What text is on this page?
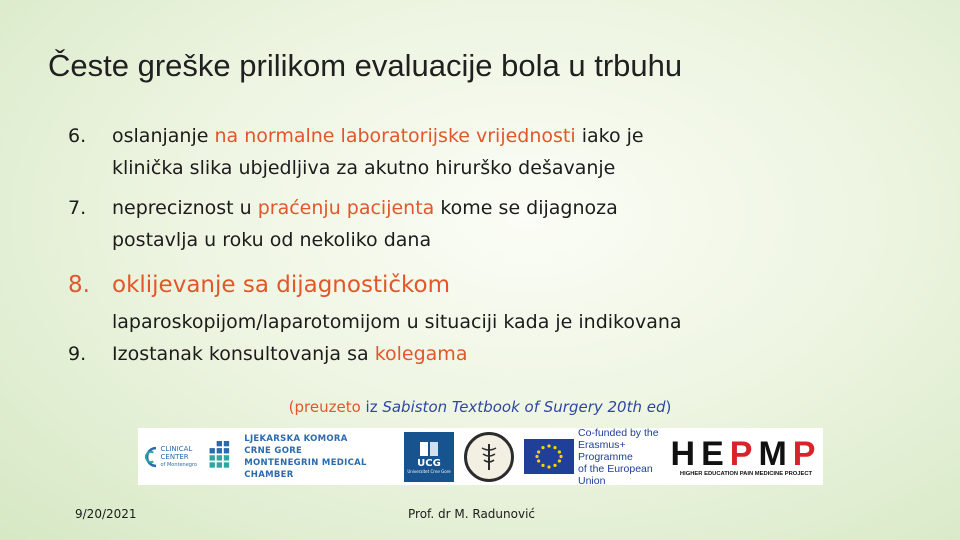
Česte greške prilikom evaluacije bola u trbuhu
6. oslanjanje na normalne laboratorijske vrijednosti iako je
klinička slika ubjedljiva za akutno hirurško dešavanje
7. nepreciznost u praćenju pacijenta kome se dijagnoza
postavlja u roku od nekoliko dana
8. oklijevanje sa dijagnostičkom
laparoskopijom/laparotomijom u situaciji kada je indikovana
9. Izostanak konsultovanja sa kolegama
(preuzeto iz Sabiston Textbook of Surgery 20th ed)
CLINICAL CENTER
of Montenegro
LJEKARSKA KOMORA
CRNE GORE
MONTENEGRIN MEDICAL CHAMBER
UCG
Univerzitet Crne Gore
Co-funded by the
Erasmus+ Programme
of the European Union
HEPMP
HIGHER EDUCATION PAIN MEDICINE PROJECT
9/20/2021	Prof. dr M. Radunović
